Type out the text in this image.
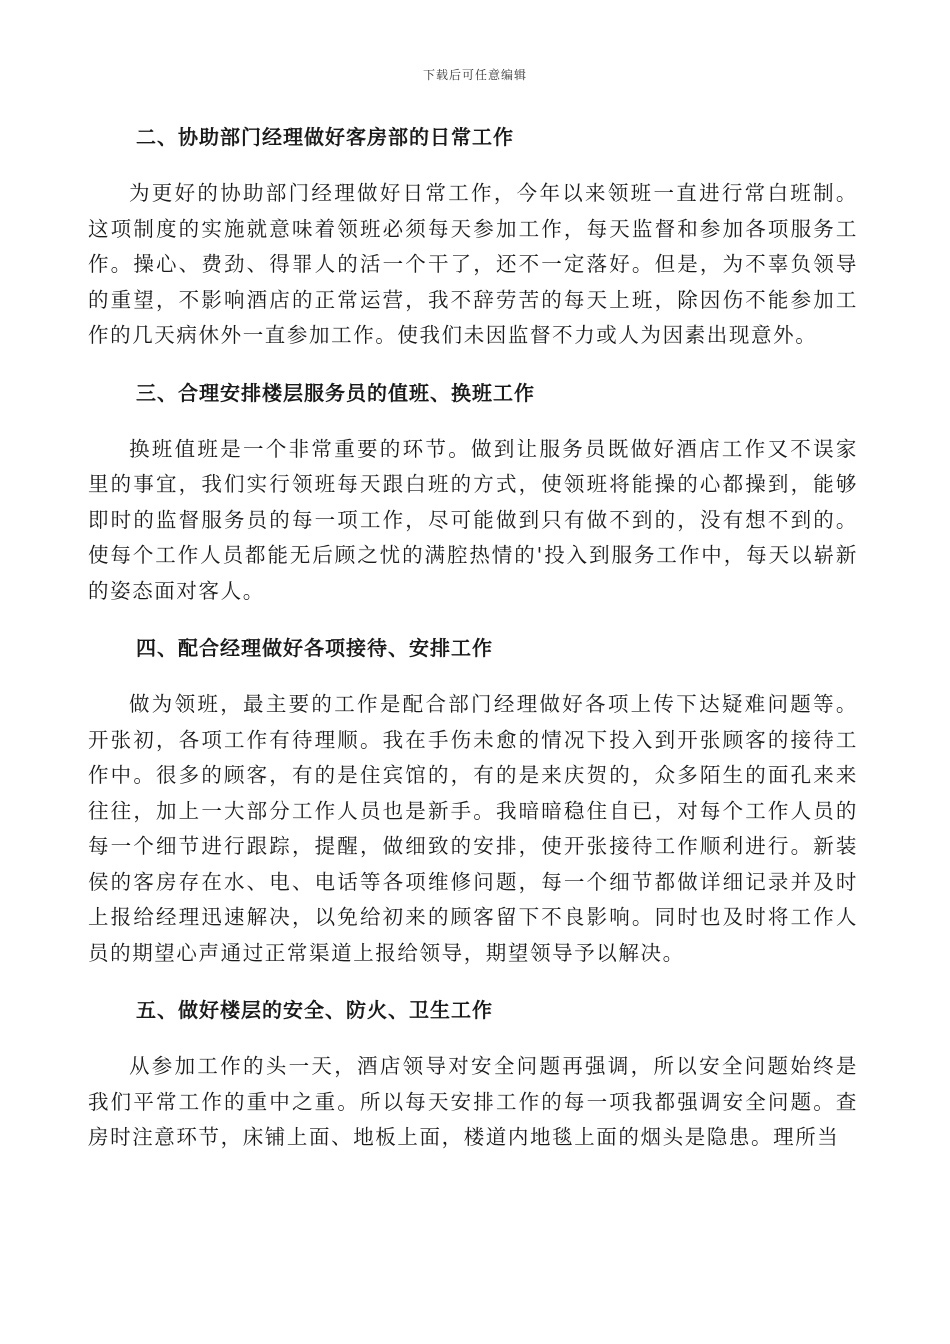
下载后可任意编辑
二、协助部门经理做好客房部的日常工作

为更好的协助部门经理做好日常工作，今年以来领班一直进行常白班制。这项制度的实施就意味着领班必须每天参加工作，每天监督和参加各项服务工作。操心、费劲、得罪人的活一个干了，还不一定落好。但是，为不辜负领导的重望，不影响酒店的正常运营，我不辞劳苦的每天上班，除因伤不能参加工作的几天病休外一直参加工作。使我们未因监督不力或人为因素出现意外。

三、合理安排楼层服务员的值班、换班工作

换班值班是一个非常重要的环节。做到让服务员既做好酒店工作又不误家里的事宜，我们实行领班每天跟白班的方式，使领班将能操的心都操到，能够即时的监督服务员的每一项工作，尽可能做到只有做不到的，没有想不到的。使每个工作人员都能无后顾之忧的满腔热情的'投入到服务工作中，每天以崭新的姿态面对客人。

四、配合经理做好各项接待、安排工作

做为领班，最主要的工作是配合部门经理做好各项上传下达疑难问题等。开张初，各项工作有待理顺。我在手伤未愈的情况下投入到开张顾客的接待工作中。很多的顾客，有的是住宾馆的，有的是来庆贺的，众多陌生的面孔来来往往，加上一大部分工作人员也是新手。我暗暗稳住自已，对每个工作人员的每一个细节进行跟踪，提醒，做细致的安排，使开张接待工作顺利进行。新装侯的客房存在水、电、电话等各项维修问题，每一个细节都做详细记录并及时上报给经理迅速解决，以免给初来的顾客留下不良影响。同时也及时将工作人员的期望心声通过正常渠道上报给领导，期望领导予以解决。

五、做好楼层的安全、防火、卫生工作

从参加工作的头一天，酒店领导对安全问题再强调，所以安全问题始终是我们平常工作的重中之重。所以每天安排工作的每一项我都强调安全问题。查房时注意环节，床铺上面、地板上面，楼道内地毯上面的烟头是隐患。理所当
